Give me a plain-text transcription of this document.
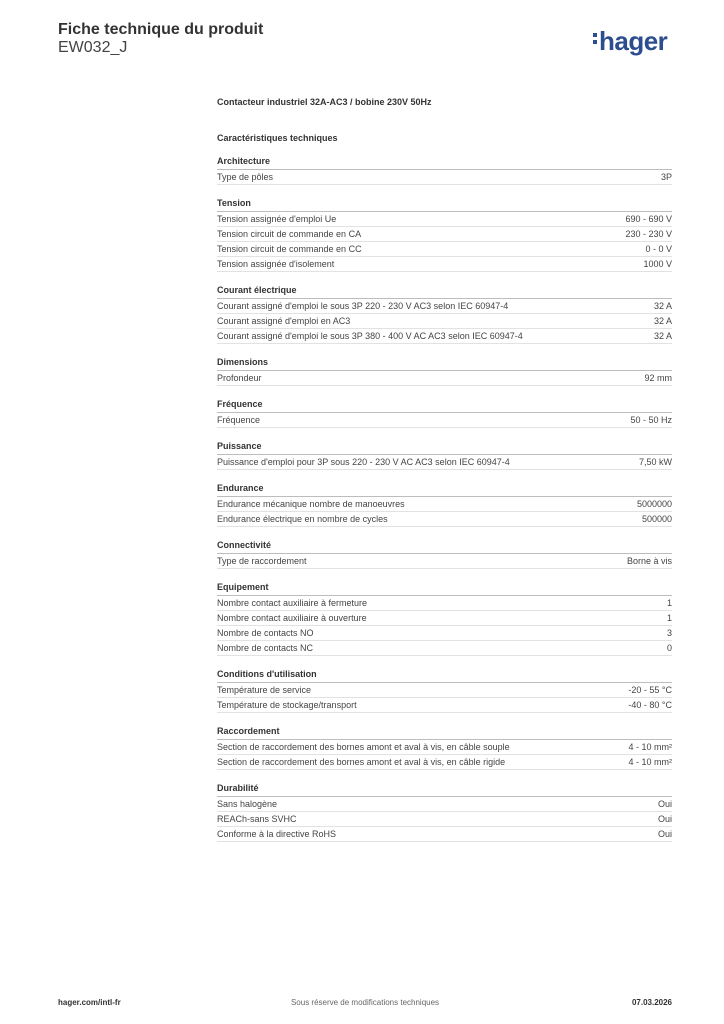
Fiche technique du produit
EW032_J	hager
Contacteur industriel 32A-AC3 / bobine 230V 50Hz
Caractéristiques techniques
Architecture
Type de pôles	3P
Tension
Tension assignée d'emploi Ue	690 - 690 V
Tension circuit de commande en CA	230 - 230 V
Tension circuit de commande en CC	0 - 0 V
Tension assignée d'isolement	1000 V
Courant électrique
Courant assigné d'emploi le sous 3P 220 - 230 V AC3 selon IEC 60947-4	32 A
Courant assigné d'emploi en AC3	32 A
Courant assigné d'emploi le sous 3P 380 - 400 V AC AC3 selon IEC 60947-4	32 A
Dimensions
Profondeur	92 mm
Fréquence
Fréquence	50 - 50 Hz
Puissance
Puissance d'emploi pour 3P sous 220 - 230 V AC AC3 selon IEC 60947-4	7,50 kW
Endurance
Endurance mécanique nombre de manoeuvres	5000000
Endurance électrique en nombre de cycles	500000
Connectivité
Type de raccordement	Borne à vis
Equipement
Nombre contact auxiliaire à fermeture	1
Nombre contact auxiliaire à ouverture	1
Nombre de contacts NO	3
Nombre de contacts NC	0
Conditions d'utilisation
Température de service	-20 - 55 °C
Température de stockage/transport	-40 - 80 °C
Raccordement
Section de raccordement des bornes amont et aval à vis, en câble souple	4 - 10 mm²
Section de raccordement des bornes amont et aval à vis, en câble rigide	4 - 10 mm²
Durabilité
Sans halogène	Oui
REACh-sans SVHC	Oui
Conforme à la directive RoHS	Oui
Sous réserve de modifications techniques
hager.com/intl-fr	07.03.2026
